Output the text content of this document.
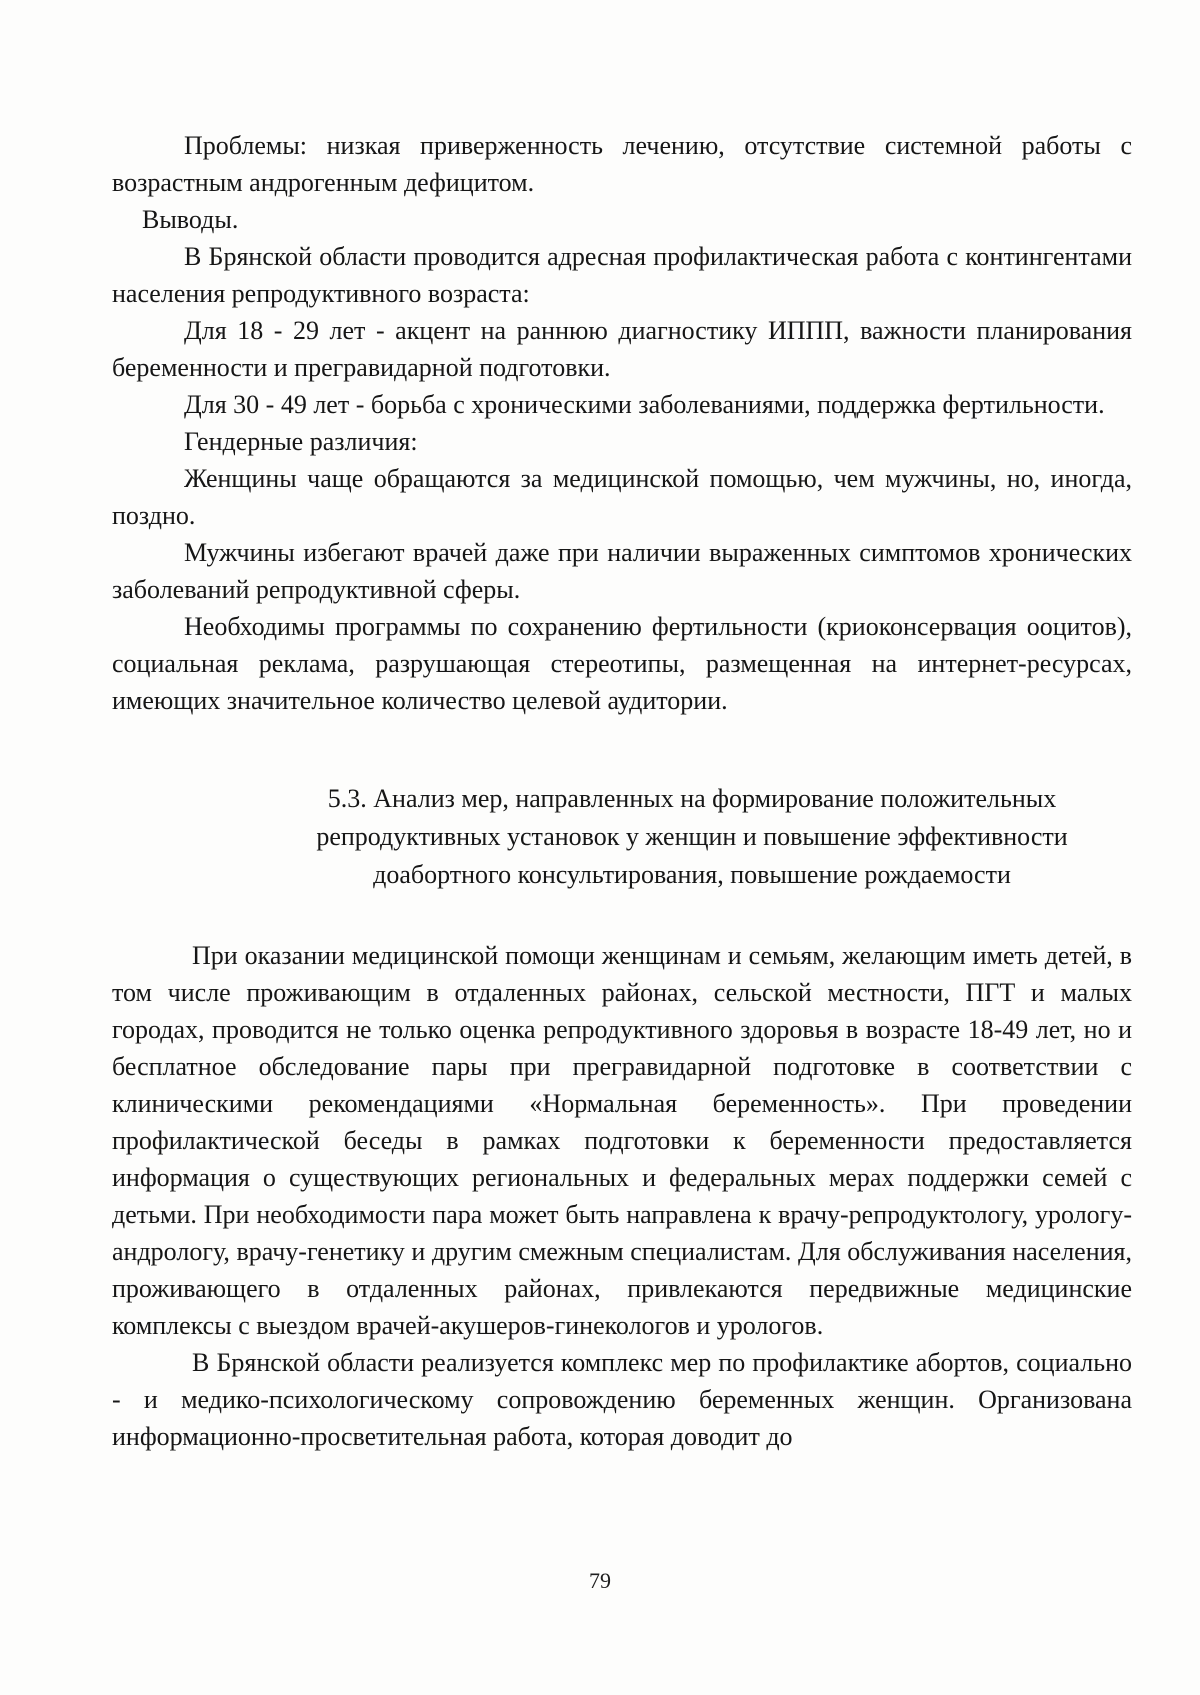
Проблемы: низкая приверженность лечению, отсутствие системной работы с возрастным андрогенным дефицитом.

Выводы.

В Брянской области проводится адресная профилактическая работа с контингентами населения репродуктивного возраста:

Для 18 - 29 лет - акцент на раннюю диагностику ИППП, важности планирования беременности и прегравидарной подготовки.

Для 30 - 49 лет - борьба с хроническими заболеваниями, поддержка фертильности.

Гендерные различия:

Женщины чаще обращаются за медицинской помощью, чем мужчины, но, иногда, поздно.

Мужчины избегают врачей даже при наличии выраженных симптомов хронических заболеваний репродуктивной сферы.

Необходимы программы по сохранению фертильности (криоконсервация ооцитов), социальная реклама, разрушающая стереотипы, размещенная на интернет-ресурсах, имеющих значительное количество целевой аудитории.

5.3. Анализ мер, направленных на формирование положительных
репродуктивных установок у женщин и повышение эффективности
доабортного консультирования, повышение рождаемости

При оказании медицинской помощи женщинам и семьям, желающим иметь детей, в том числе проживающим в отдаленных районах, сельской местности, ПГТ и малых городах, проводится не только оценка репродуктивного здоровья в возрасте 18-49 лет, но и бесплатное обследование пары при прегравидарной подготовке в соответствии с клиническими рекомендациями «Нормальная беременность». При проведении профилактической беседы в рамках подготовки к беременности предоставляется информация о существующих региональных и федеральных мерах поддержки семей с детьми. При необходимости пара может быть направлена к врачу-репродуктологу, урологу-андрологу, врачу-генетику и другим смежным специалистам. Для обслуживания населения, проживающего в отдаленных районах, привлекаются передвижные медицинские комплексы с выездом врачей-акушеров-гинекологов и урологов.

В Брянской области реализуется комплекс мер по профилактике абортов, социально - и медико-психологическому сопровождению беременных женщин. Организована информационно-просветительная работа, которая доводит до

79
